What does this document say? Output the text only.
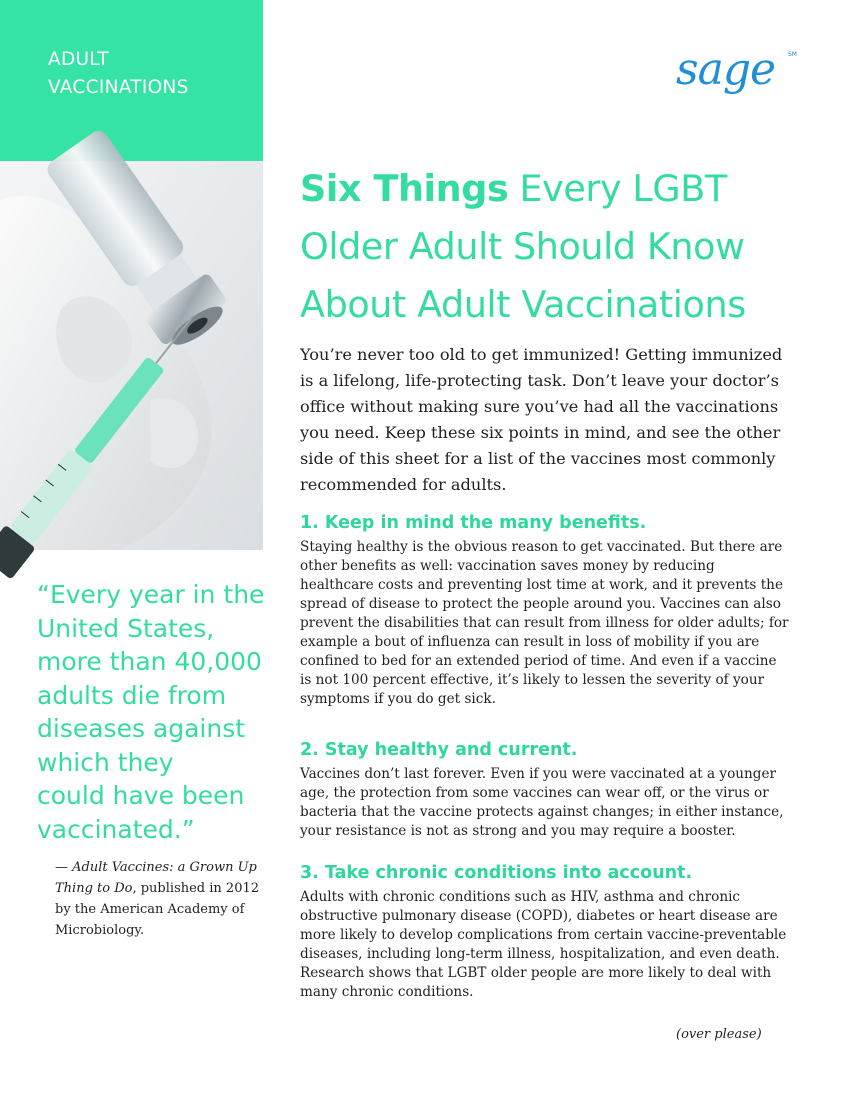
ADULT
VACCINATIONS	sage SM
Six Things Every LGBT Older Adult Should Know About Adult Vaccinations
You’re never too old to get immunized! Getting immunized is a lifelong, life-protecting task. Don’t leave your doctor’s office without making sure you’ve had all the vaccinations you need. Keep these six points in mind, and see the other side of this sheet for a list of the vaccines most commonly recommended for adults.
1. Keep in mind the many benefits.

Staying healthy is the obvious reason to get vaccinated. But there are other benefits as well: vaccination saves money by reducing healthcare costs and preventing lost time at work, and it prevents the spread of disease to protect the people around you. Vaccines can also prevent the disabilities that can result from illness for older adults; for example a bout of influenza can result in loss of mobility if you are confined to bed for an extended period of time. And even if a vaccine is not 100 percent effective, it’s likely to lessen the severity of your symptoms if you do get sick.

2. Stay healthy and current.

Vaccines don’t last forever. Even if you were vaccinated at a younger age, the protection from some vaccines can wear off, or the virus or bacteria that the vaccine protects against changes; in either instance, your resistance is not as strong and you may require a booster.

3. Take chronic conditions into account.

Adults with chronic conditions such as HIV, asthma and chronic obstructive pulmonary disease (COPD), diabetes or heart disease are more likely to develop complications from certain vaccine-preventable diseases, including long-term illness, hospitalization, and even death. Research shows that LGBT older people are more likely to deal with many chronic conditions.

“Every year in the
United States,
more than 40,000
adults die from
diseases against
which they
could have been
vaccinated.”
— Adult Vaccines: a Grown Up Thing to Do, published in 2012 by the American Academy of Microbiology.
(over please)
